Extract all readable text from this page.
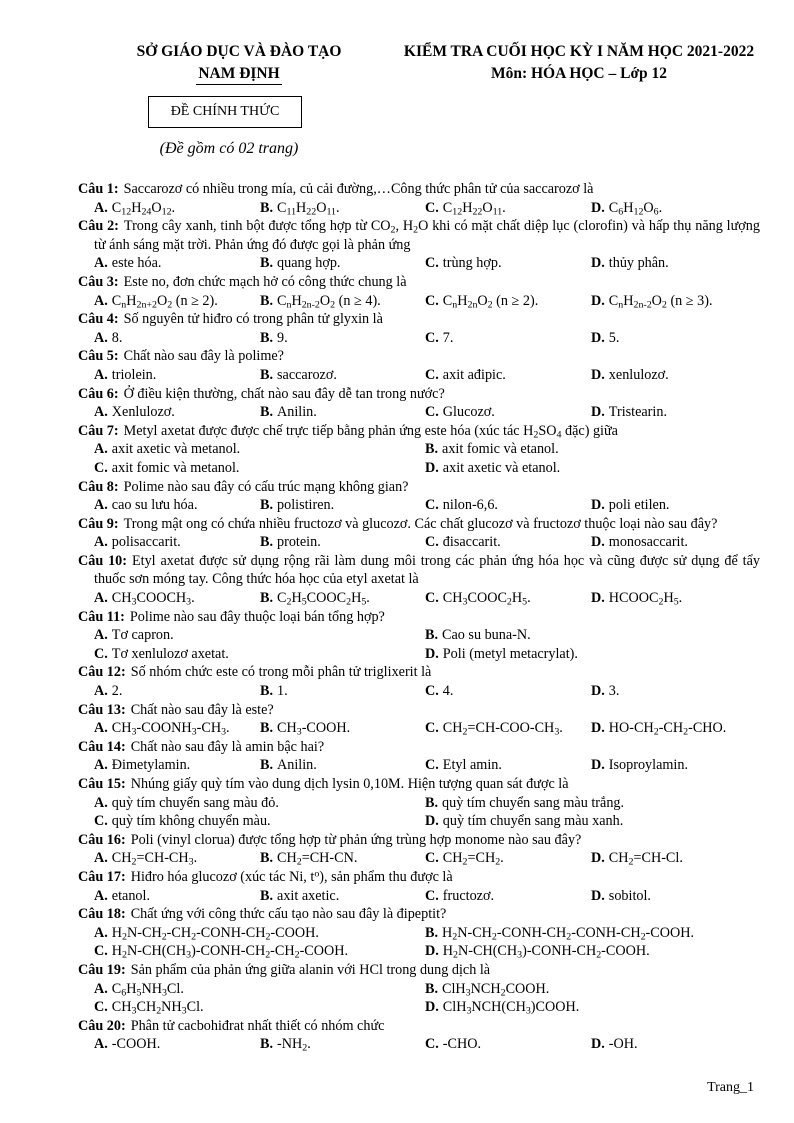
SỞ GIÁO DỤC VÀ ĐÀO TẠO
NAM ĐỊNH
KIỂM TRA CUỐI HỌC KỲ I NĂM HỌC 2021-2022
Môn: HÓA HỌC – Lớp 12
ĐỀ CHÍNH THỨC
(Đề gồm có 02 trang)
Câu 1: Saccarozơ có nhiều trong mía, củ cải đường,…Công thức phân tử của saccarozơ là
A. $C_{12}H_{24}O_{12}$.	B. $C_{11}H_{22}O_{11}$.	C. $C_{12}H_{22}O_{11}$.	D. $C_6H_{12}O_6$.
Câu 2: Trong cây xanh, tinh bột được tổng hợp từ $CO_2$, $H_2O$ khi có mặt chất diệp lục (clorofin) và hấp thụ năng lượng từ ánh sáng mặt trời. Phản ứng đó được gọi là phản ứng
A. este hóa.	B. quang hợp.	C. trùng hợp.	D. thủy phân.
Câu 3: Este no, đơn chức mạch hở có công thức chung là
A. $C_nH_{2n+2}O_2$ (n ≥ 2).	B. $C_nH_{2n-2}O_2$ (n ≥ 4).	C. $C_nH_{2n}O_2$ (n ≥ 2).	D. $C_nH_{2n-2}O_2$ (n ≥ 3).
Câu 4: Số nguyên tử hiđro có trong phân tử glyxin là
A. 8.	B. 9.	C. 7.	D. 5.
Câu 5: Chất nào sau đây là polime?
A. triolein.	B. saccarozơ.	C. axit ađipic.	D. xenlulozơ.
Câu 6: Ở điều kiện thường, chất nào sau đây dễ tan trong nước?
A. Xenlulozơ.	B. Anilin.	C. Glucozơ.	D. Tristearin.
Câu 7: Metyl axetat được được chế trực tiếp bằng phản ứng este hóa (xúc tác $H_2SO_4$ đặc) giữa
A. axit axetic và metanol.	B. axit fomic và etanol.
C. axit fomic và metanol.	D. axit axetic và etanol.
Câu 8: Polime nào sau đây có cấu trúc mạng không gian?
A. cao su lưu hóa.	B. polistiren.	C. nilon-6,6.	D. poli etilen.
Câu 9: Trong mật ong có chứa nhiều fructozơ và glucozơ. Các chất glucozơ và fructozơ thuộc loại nào sau đây?
A. polisaccarit.	B. protein.	C. đisaccarit.	D. monosaccarit.
Câu 10: Etyl axetat được sử dụng rộng rãi làm dung môi trong các phản ứng hóa học và cũng được sử dụng để tẩy thuốc sơn móng tay. Công thức hóa học của etyl axetat là
A. $CH_3COOCH_3$.	B. $C_2H_5COOC_2H_5$.	C. $CH_3COOC_2H_5$.	D. $HCOOC_2H_5$.
Câu 11: Polime nào sau đây thuộc loại bán tổng hợp?
A. Tơ capron.	B. Cao su buna-N.
C. Tơ xenlulozơ axetat.	D. Poli (metyl metacrylat).
Câu 12: Số nhóm chức este có trong mỗi phân tử triglixerit là
A. 2.	B. 1.	C. 4.	D. 3.
Câu 13: Chất nào sau đây là este?
A. $CH_3-COONH_3-CH_3$. B. $CH_3$-COOH.	C. $CH_2=CH-COO-CH_3$. D. $HO-CH_2-CH_2$-CHO.
Câu 14: Chất nào sau đây là amin bậc hai?
A. Đimetylamin.	B. Anilin.	C. Etyl amin.	D. Isoproylamin.
Câu 15: Nhúng giấy quỳ tím vào dung dịch lysin 0,10M. Hiện tượng quan sát được là
A. quỳ tím chuyển sang màu đỏ.	B. quỳ tím chuyển sang màu trắng.
C. quỳ tím không chuyển màu.	D. quỳ tím chuyển sang màu xanh.
Câu 16: Poli (vinyl clorua) được tổng hợp từ phản ứng trùng hợp monome nào sau đây?
A. $CH_2=CH-CH_3$.	B. $CH_2=CH-CN$.	C. $CH_2=CH_2$.	D. $CH_2=CH-Cl$.
Câu 17: Hiđro hóa glucozơ (xúc tác Ni, $t^o$), sản phẩm thu được là
A. etanol.	B. axit axetic.	C. fructozơ.	D. sobitol.
Câu 18: Chất ứng với công thức cấu tạo nào sau đây là đipeptit?
A. $H_2N-CH_2-CH_2-CONH-CH_2$-COOH.	B. $H_2N-CH_2-CONH-CH_2-CONH-CH_2$-COOH.
C. $H_2N-CH(CH_3)-CONH-CH_2-CH_2$-COOH.	D. $H_2N-CH(CH_3)-CONH-CH_2$-COOH.
Câu 19: Sản phẩm của phản ứng giữa alanin với HCl trong dung dịch là
A. $C_6H_5NH_3Cl$.	B. $ClH_3NCH_2COOH$.
C. $CH_3CH_2NH_3Cl$.	D. $ClH_3NCH(CH_3)COOH$.
Câu 20: Phân tử cacbohiđrat nhất thiết có nhóm chức
A. -COOH.	B. $-NH_2$.	C. -CHO.	D. -OH.
Trang_1
